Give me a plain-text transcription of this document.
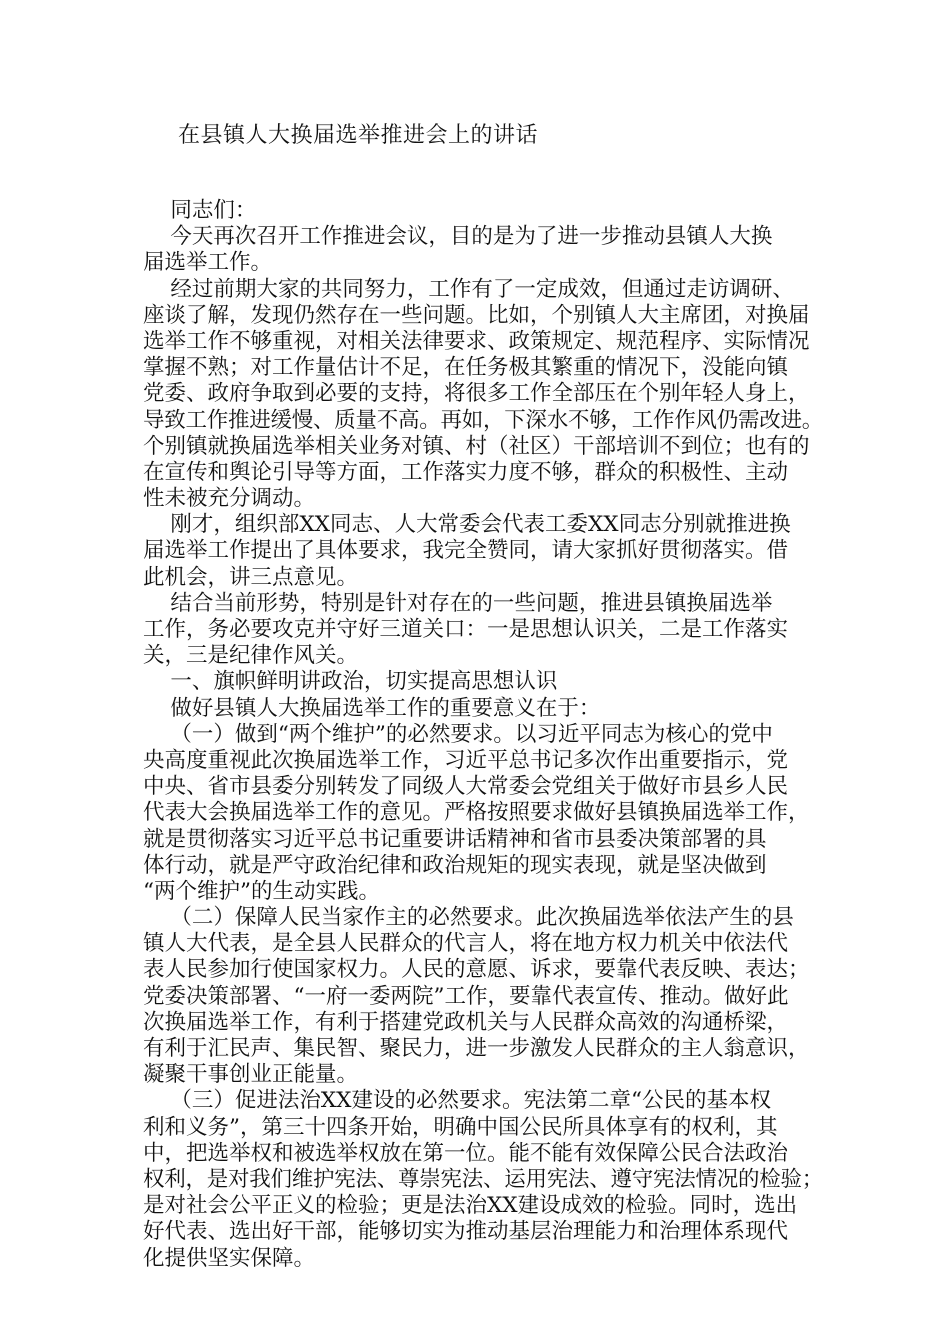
在县镇人大换届选举推进会上的讲话
同志们：
今天再次召开工作推进会议，目的是为了进一步推动县镇人大换
届选举工作。
经过前期大家的共同努力，工作有了一定成效，但通过走访调研、
座谈了解，发现仍然存在一些问题。比如，个别镇人大主席团，对换届
选举工作不够重视，对相关法律要求、政策规定、规范程序、实际情况
掌握不熟；对工作量估计不足，在任务极其繁重的情况下，没能向镇
党委、政府争取到必要的支持，将很多工作全部压在个别年轻人身上，
导致工作推进缓慢、质量不高。再如，下深水不够，工作作风仍需改进。
个别镇就换届选举相关业务对镇、村（社区）干部培训不到位；也有的
在宣传和舆论引导等方面，工作落实力度不够，群众的积极性、主动
性未被充分调动。
刚才，组织部XX同志、人大常委会代表工委XX同志分别就推进换
届选举工作提出了具体要求，我完全赞同，请大家抓好贯彻落实。借
此机会，讲三点意见。
结合当前形势，特别是针对存在的一些问题，推进县镇换届选举
工作，务必要攻克并守好三道关口：一是思想认识关，二是工作落实
关，三是纪律作风关。
一、旗帜鲜明讲政治，切实提高思想认识
做好县镇人大换届选举工作的重要意义在于：
（一）做到“两个维护”的必然要求。以习近平同志为核心的党中
央高度重视此次换届选举工作，习近平总书记多次作出重要指示，党
中央、省市县委分别转发了同级人大常委会党组关于做好市县乡人民
代表大会换届选举工作的意见。严格按照要求做好县镇换届选举工作，
就是贯彻落实习近平总书记重要讲话精神和省市县委决策部署的具
体行动，就是严守政治纪律和政治规矩的现实表现，就是坚决做到
“两个维护”的生动实践。
（二）保障人民当家作主的必然要求。此次换届选举依法产生的县
镇人大代表，是全县人民群众的代言人，将在地方权力机关中依法代
表人民参加行使国家权力。人民的意愿、诉求，要靠代表反映、表达；
党委决策部署、“一府一委两院”工作，要靠代表宣传、推动。做好此
次换届选举工作，有利于搭建党政机关与人民群众高效的沟通桥梁，
有利于汇民声、集民智、聚民力，进一步激发人民群众的主人翁意识，
凝聚干事创业正能量。
（三）促进法治XX建设的必然要求。宪法第二章“公民的基本权
利和义务”，第三十四条开始，明确中国公民所具体享有的权利，其
中，把选举权和被选举权放在第一位。能不能有效保障公民合法政治
权利，是对我们维护宪法、尊崇宪法、运用宪法、遵守宪法情况的检验；
是对社会公平正义的检验；更是法治XX建设成效的检验。同时，选出
好代表、选出好干部，能够切实为推动基层治理能力和治理体系现代
化提供坚实保障。
